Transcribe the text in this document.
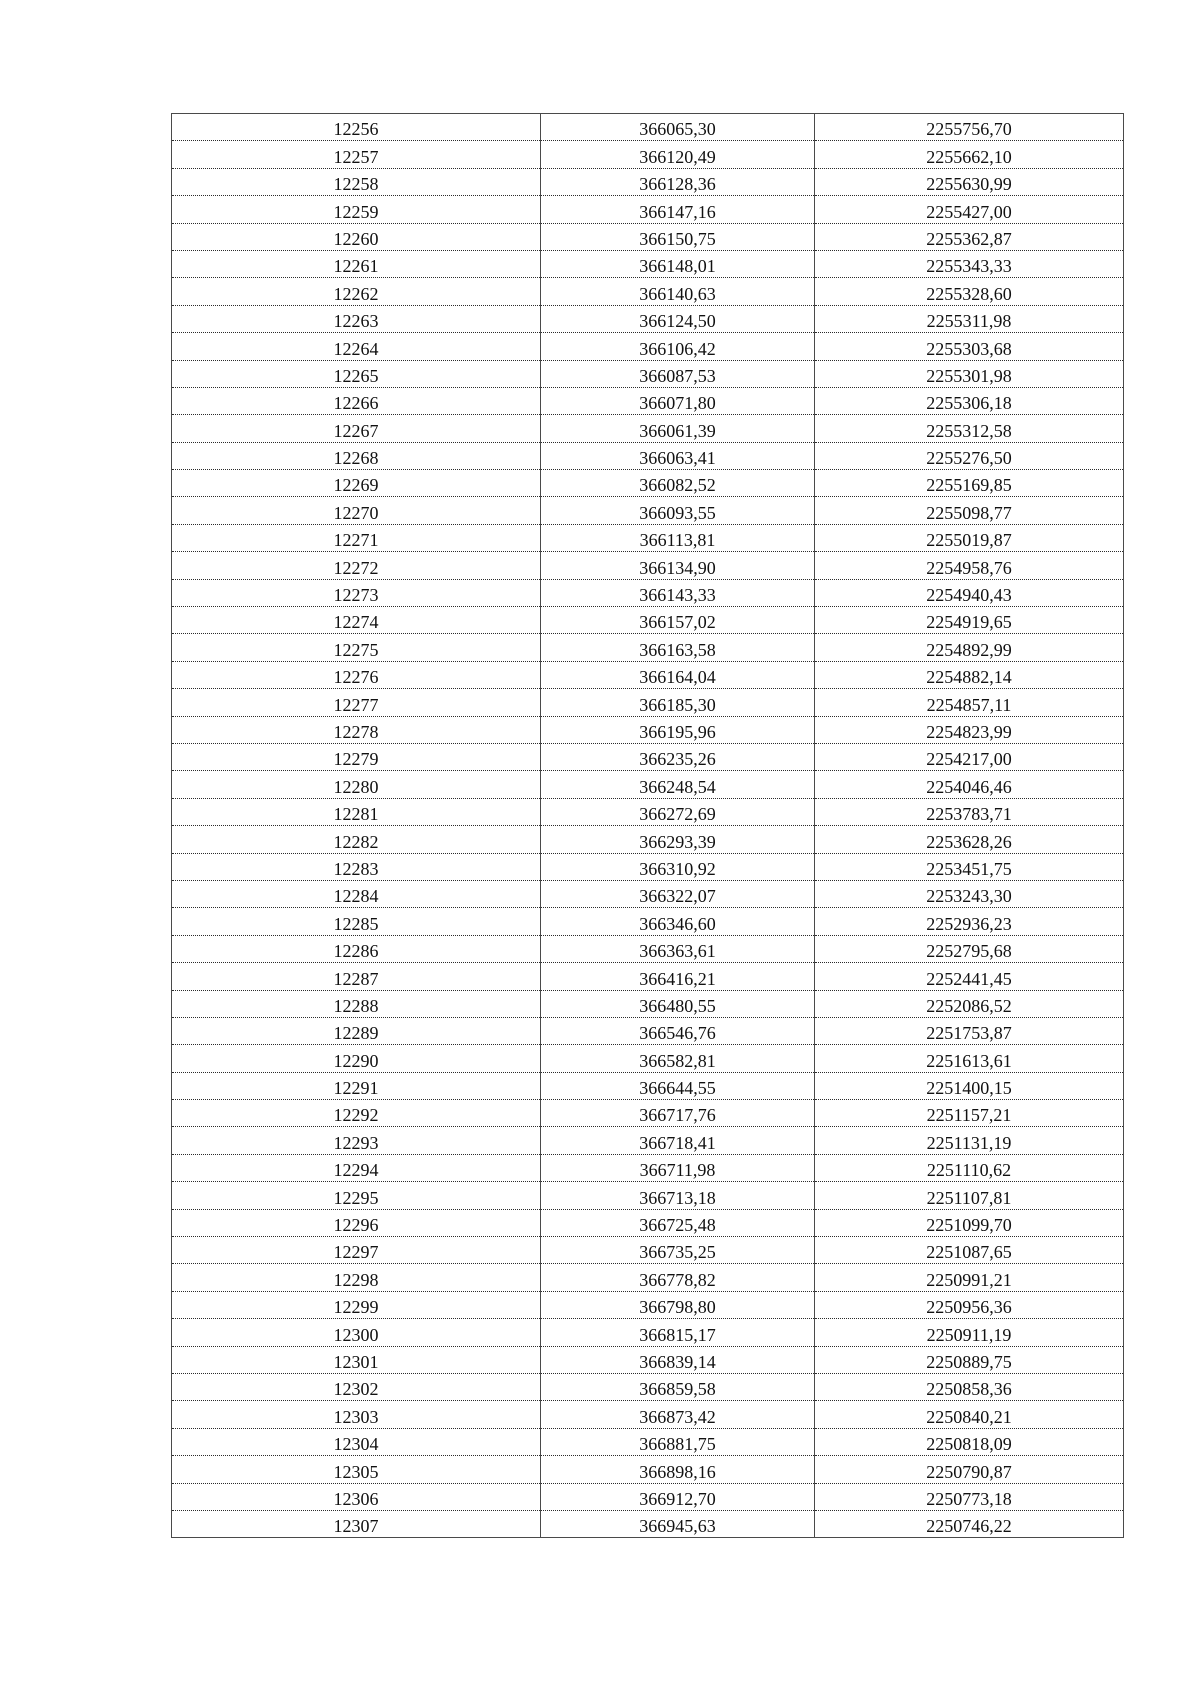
12256	366065,30	2255756,70
12257	366120,49	2255662,10
12258	366128,36	2255630,99
12259	366147,16	2255427,00
12260	366150,75	2255362,87
12261	366148,01	2255343,33
12262	366140,63	2255328,60
12263	366124,50	2255311,98
12264	366106,42	2255303,68
12265	366087,53	2255301,98
12266	366071,80	2255306,18
12267	366061,39	2255312,58
12268	366063,41	2255276,50
12269	366082,52	2255169,85
12270	366093,55	2255098,77
12271	366113,81	2255019,87
12272	366134,90	2254958,76
12273	366143,33	2254940,43
12274	366157,02	2254919,65
12275	366163,58	2254892,99
12276	366164,04	2254882,14
12277	366185,30	2254857,11
12278	366195,96	2254823,99
12279	366235,26	2254217,00
12280	366248,54	2254046,46
12281	366272,69	2253783,71
12282	366293,39	2253628,26
12283	366310,92	2253451,75
12284	366322,07	2253243,30
12285	366346,60	2252936,23
12286	366363,61	2252795,68
12287	366416,21	2252441,45
12288	366480,55	2252086,52
12289	366546,76	2251753,87
12290	366582,81	2251613,61
12291	366644,55	2251400,15
12292	366717,76	2251157,21
12293	366718,41	2251131,19
12294	366711,98	2251110,62
12295	366713,18	2251107,81
12296	366725,48	2251099,70
12297	366735,25	2251087,65
12298	366778,82	2250991,21
12299	366798,80	2250956,36
12300	366815,17	2250911,19
12301	366839,14	2250889,75
12302	366859,58	2250858,36
12303	366873,42	2250840,21
12304	366881,75	2250818,09
12305	366898,16	2250790,87
12306	366912,70	2250773,18
12307	366945,63	2250746,22
